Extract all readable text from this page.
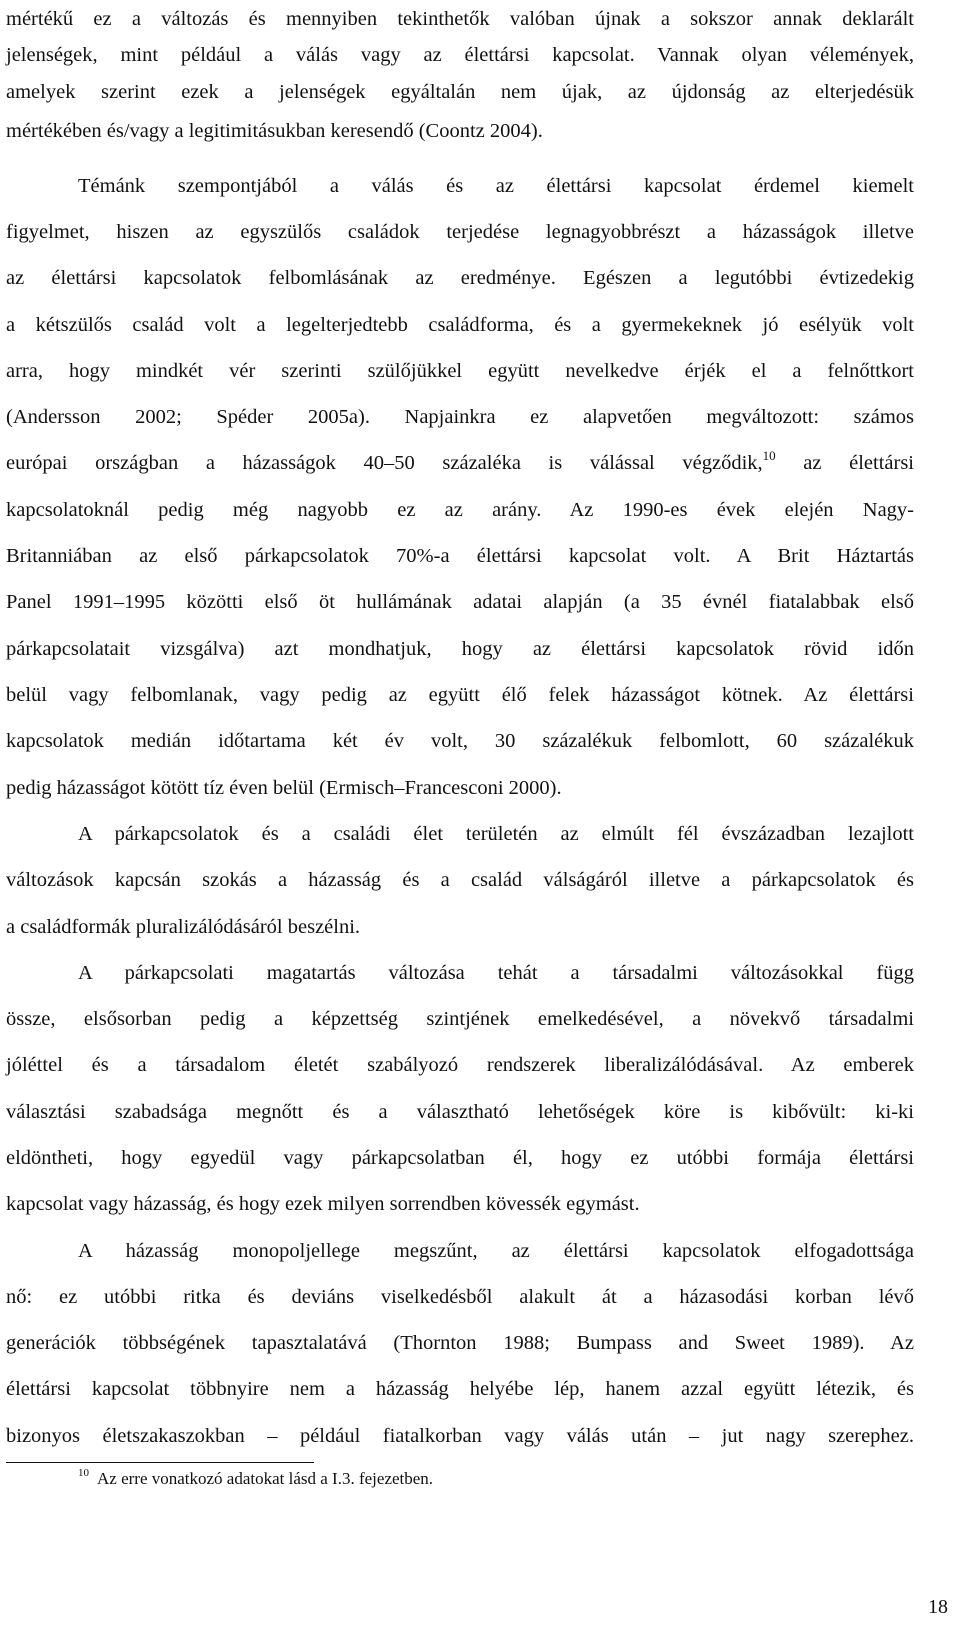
mértékű ez a változás és mennyiben tekinthetők valóban újnak a sokszor annak deklarált
jelenségek, mint például a válás vagy az élettársi kapcsolat. Vannak olyan vélemények,
amelyek szerint ezek a jelenségek egyáltalán nem újak, az újdonság az elterjedésük
mértékében és/vagy a legitimitásukban keresendő (Coontz 2004).
Témánk szempontjából a válás és az élettársi kapcsolat érdemel kiemelt
figyelmet, hiszen az egyszülős családok terjedése legnagyobbrészt a házasságok illetve
az élettársi kapcsolatok felbomlásának az eredménye. Egészen a legutóbbi évtizedekig
a kétszülős család volt a legelterjedtebb családforma, és a gyermekeknek jó esélyük volt
arra, hogy mindkét vér szerinti szülőjükkel együtt nevelkedve érjék el a felnőttkort
(Andersson 2002; Spéder 2005a). Napjainkra ez alapvetően megváltozott: számos
európai országban a házasságok 40–50 százaléka is válással végződik,$^{10}$ az élettársi
kapcsolatoknál pedig még nagyobb ez az arány. Az 1990-es évek elején Nagy-
Britanniában az első párkapcsolatok 70%-a élettársi kapcsolat volt. A Brit Háztartás
Panel 1991–1995 közötti első öt hullámának adatai alapján (a 35 évnél fiatalabbak első
párkapcsolatait vizsgálva) azt mondhatjuk, hogy az élettársi kapcsolatok rövid időn
belül vagy felbomlanak, vagy pedig az együtt élő felek házasságot kötnek. Az élettársi
kapcsolatok medián időtartama két év volt, 30 százalékuk felbomlott, 60 százalékuk
pedig házasságot kötött tíz éven belül (Ermisch–Francesconi 2000).
A párkapcsolatok és a családi élet területén az elmúlt fél évszázadban lezajlott
változások kapcsán szokás a házasság és a család válságáról illetve a párkapcsolatok és
a családformák pluralizálódásáról beszélni.
A párkapcsolati magatartás változása tehát a társadalmi változásokkal függ
össze, elsősorban pedig a képzettség szintjének emelkedésével, a növekvő társadalmi
jóléttel és a társadalom életét szabályozó rendszerek liberalizálódásával. Az emberek
választási szabadsága megnőtt és a választható lehetőségek köre is kibővült: ki-ki
eldöntheti, hogy egyedül vagy párkapcsolatban él, hogy ez utóbbi formája élettársi
kapcsolat vagy házasság, és hogy ezek milyen sorrendben kövessék egymást.
A házasság monopoljellege megszűnt, az élettársi kapcsolatok elfogadottsága
nő: ez utóbbi ritka és deviáns viselkedésből alakult át a házasodási korban lévő
generációk többségének tapasztalatává (Thornton 1988; Bumpass and Sweet 1989). Az
élettársi kapcsolat többnyire nem a házasság helyébe lép, hanem azzal együtt létezik, és
bizonyos életszakaszokban – például fiatalkorban vagy válás után – jut nagy szerephez.
$^{10}$ Az erre vonatkozó adatokat lásd a I.3. fejezetben.
18
